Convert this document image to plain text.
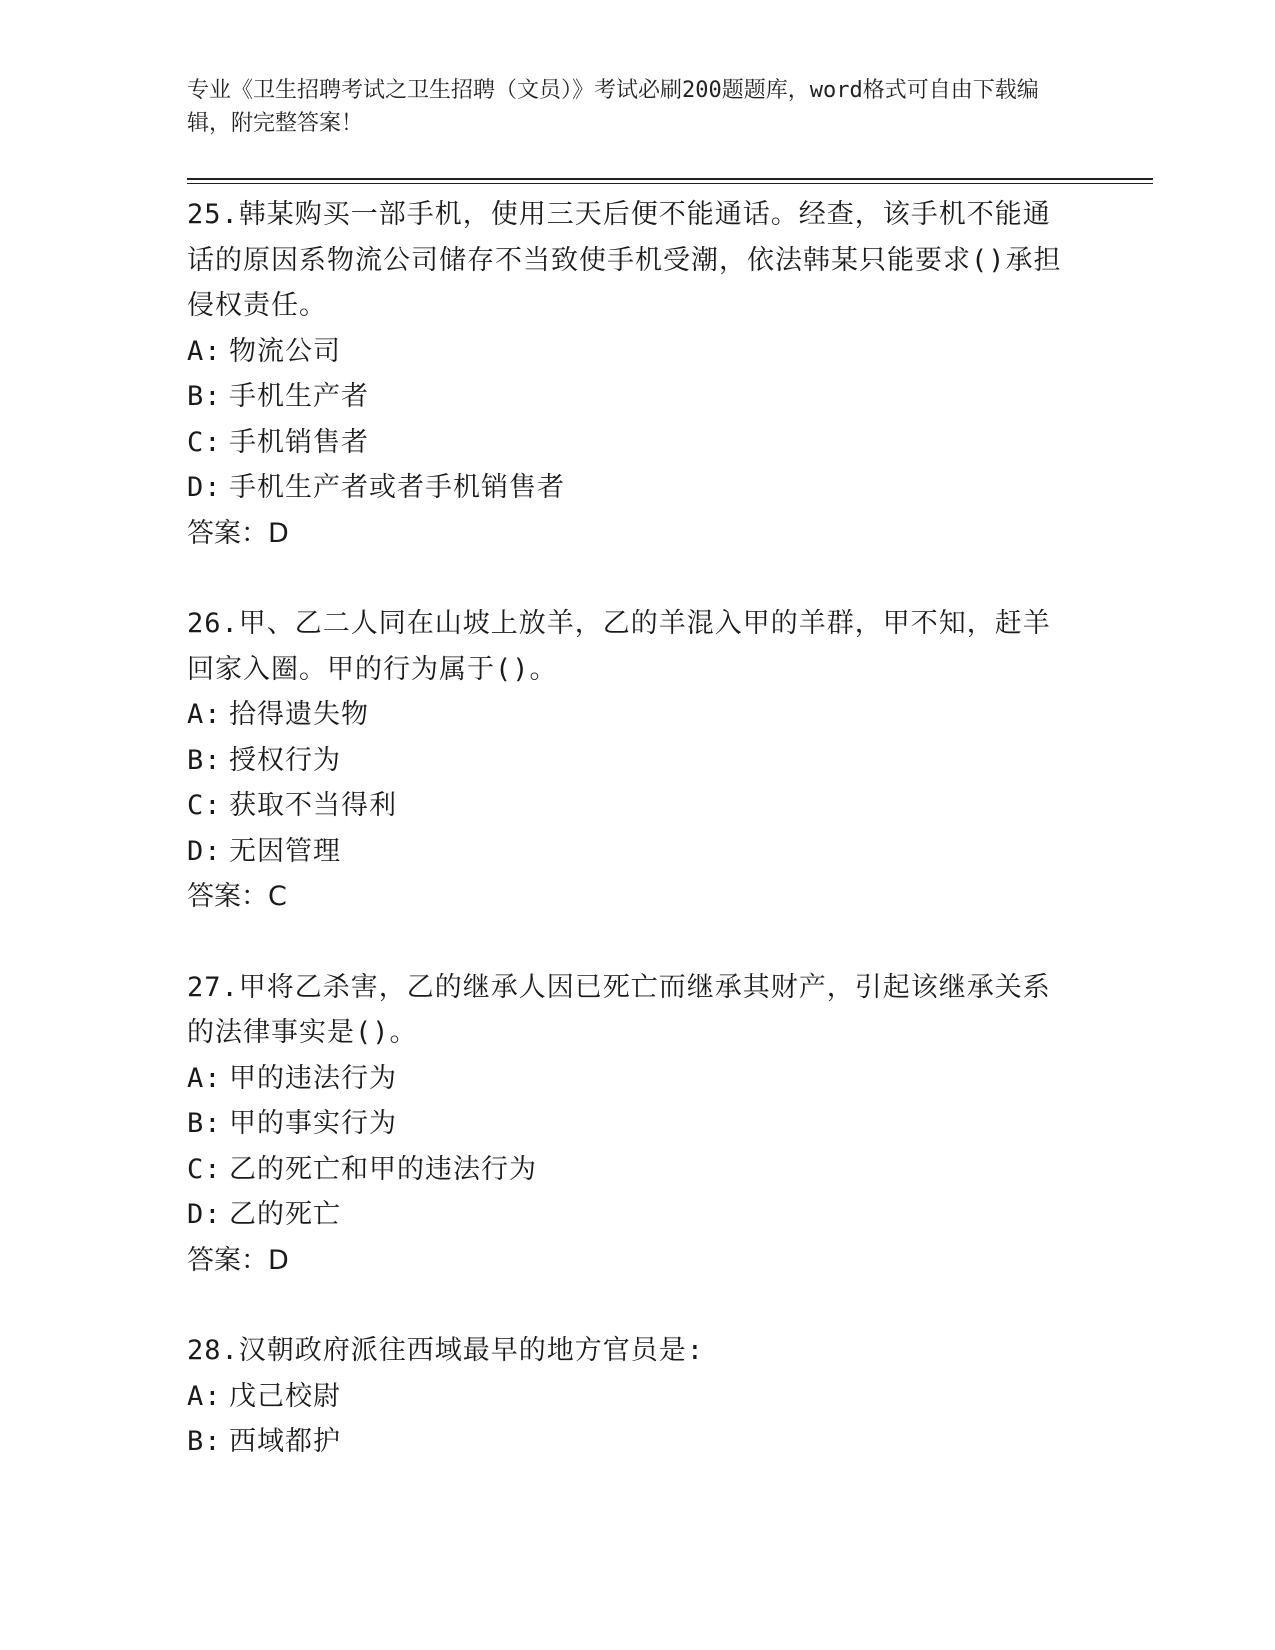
专业《卫生招聘考试之卫生招聘（文员）》考试必刷200题题库，word格式可自由下载编辑，附完整答案！
25.韩某购买一部手机，使用三天后便不能通话。经查，该手机不能通话的原因系物流公司储存不当致使手机受潮，依法韩某只能要求()承担侵权责任。
A: 物流公司
B: 手机生产者
C: 手机销售者
D: 手机生产者或者手机销售者
答案：D
26.甲、乙二人同在山坡上放羊，乙的羊混入甲的羊群，甲不知，赶羊回家入圈。甲的行为属于()。
A: 拾得遗失物
B: 授权行为
C: 获取不当得利
D: 无因管理
答案：C
27.甲将乙杀害，乙的继承人因已死亡而继承其财产，引起该继承关系的法律事实是()。
A: 甲的违法行为
B: 甲的事实行为
C: 乙的死亡和甲的违法行为
D: 乙的死亡
答案：D
28.汉朝政府派往西域最早的地方官员是:
A: 戊己校尉
B: 西域都护
